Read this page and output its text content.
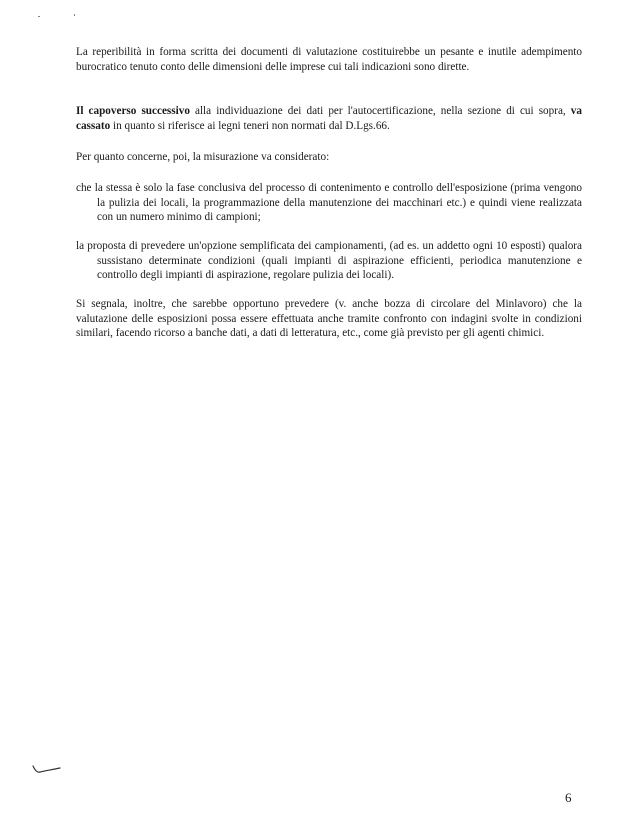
La reperibilità in forma scritta dei documenti di valutazione costituirebbe un pesante e inutile adempimento burocratico tenuto conto delle dimensioni delle imprese cui tali indicazioni sono dirette.

Il capoverso successivo alla individuazione dei dati per l'autocertificazione, nella sezione di cui sopra, va cassato in quanto si riferisce ai legni teneri non normati dal D.Lgs.66.

Per quanto concerne, poi, la misurazione va considerato:

che la stessa è solo la fase conclusiva del processo di contenimento e controllo dell'esposizione (prima vengono la pulizia dei locali, la programmazione della manutenzione dei macchinari etc.) e quindi viene realizzata con un numero minimo di campioni;

la proposta di prevedere un'opzione semplificata dei campionamenti, (ad es. un addetto ogni 10 esposti) qualora sussistano determinate condizioni (quali impianti di aspirazione efficienti, periodica manutenzione e controllo degli impianti di aspirazione, regolare pulizia dei locali).

Si segnala, inoltre, che sarebbe opportuno prevedere (v. anche bozza di circolare del Minlavoro) che la valutazione delle esposizioni possa essere effettuata anche tramite confronto con indagini svolte in condizioni similari, facendo ricorso a banche dati, a dati di letteratura, etc., come già previsto per gli agenti chimici.

6
